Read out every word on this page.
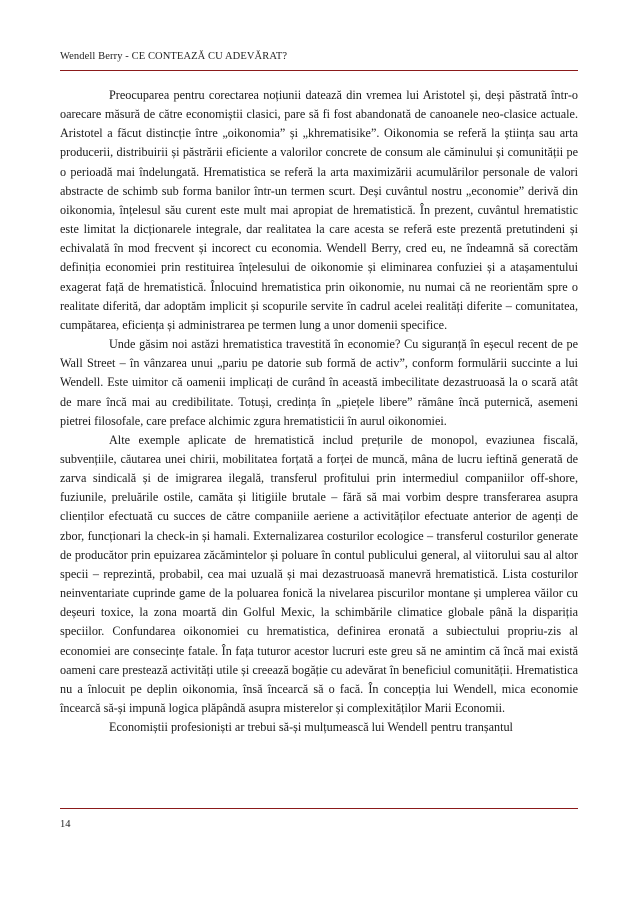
Wendell Berry - CE CONTEAZĂ CU ADEVĂRAT?

Preocuparea pentru corectarea noțiunii datează din vremea lui Aristotel și, deși păstrată într-o oarecare măsură de către economiștii clasici, pare să fi fost abandonată de canoanele neo-clasice actuale. Aristotel a făcut distincție între „oikonomia” și „khrematisike”. Oikonomia se referă la știința sau arta producerii, distribuirii și păstrării eficiente a valorilor concrete de consum ale căminului și comunității pe o perioadă mai îndelungată. Hrematistica se referă la arta maximizării acumulărilor personale de valori abstracte de schimb sub forma banilor într-un termen scurt. Deși cuvântul nostru „economie” derivă din oikonomia, înțelesul său curent este mult mai apropiat de hrematistică. În prezent, cuvântul hrematistic este limitat la dicționarele integrale, dar realitatea la care acesta se referă este prezentă pretutindeni și echivalată în mod frecvent și incorect cu economia. Wendell Berry, cred eu, ne îndeamnă să corectăm definiția economiei prin restituirea înțelesului de oikonomie și eliminarea confuziei și a atașamentului exagerat față de hrematistică. Înlocuind hrematistica prin oikonomie, nu numai că ne reorientăm spre o realitate diferită, dar adoptăm implicit și scopurile servite în cadrul acelei realități diferite – comunitatea, cumpătarea, eficiența și administrarea pe termen lung a unor domenii specifice.

Unde găsim noi astăzi hrematistica travestită în economie? Cu siguranță în eșecul recent de pe Wall Street – în vânzarea unui „pariu pe datorie sub formă de activ”, conform formulării succinte a lui Wendell. Este uimitor că oamenii implicați de curând în această imbecilitate dezastruoasă la o scară atât de mare încă mai au credibilitate. Totuși, credința în „piețele libere” rămâne încă puternică, asemeni pietrei filosofale, care preface alchimic zgura hrematisticii în aurul oikonomiei.

Alte exemple aplicate de hrematistică includ prețurile de monopol, evaziunea fiscală, subvențiile, căutarea unei chirii, mobilitatea forțată a forței de muncă, mâna de lucru ieftină generată de zarva sindicală și de imigrarea ilegală, transferul profitului prin intermediul companiilor off-shore, fuziunile, preluările ostile, camăta și litigiile brutale – fără să mai vorbim despre transferarea asupra clienților efectuată cu succes de către companiile aeriene a activităților efectuate anterior de agenți de zbor, funcționari la check-in și hamali. Externalizarea costurilor ecologice – transferul costurilor generate de producător prin epuizarea zăcămintelor și poluare în contul publicului general, al viitorului sau al altor specii – reprezintă, probabil, cea mai uzuală și mai dezastruoasă manevră hrematistică. Lista costurilor neinventariate cuprinde game de la poluarea fonică la nivelarea piscurilor montane și umplerea văilor cu deșeuri toxice, la zona moartă din Golful Mexic, la schimbările climatice globale până la dispariția speciilor. Confundarea oikonomiei cu hrematistica, definirea eronată a subiectului propriu-zis al economiei are consecințe fatale. În fața tuturor acestor lucruri este greu să ne amintim că încă mai există oameni care prestează activități utile și creează bogăție cu adevărat în beneficiul comunității. Hrematistica nu a înlocuit pe deplin oikonomia, însă încearcă să o facă. În concepția lui Wendell, mica economie încearcă să-și impună logica plăpândă asupra misterelor și complexităților Marii Economii.

Economiștii profesioniști ar trebui să-și mulțumească lui Wendell pentru tranșantul

14
